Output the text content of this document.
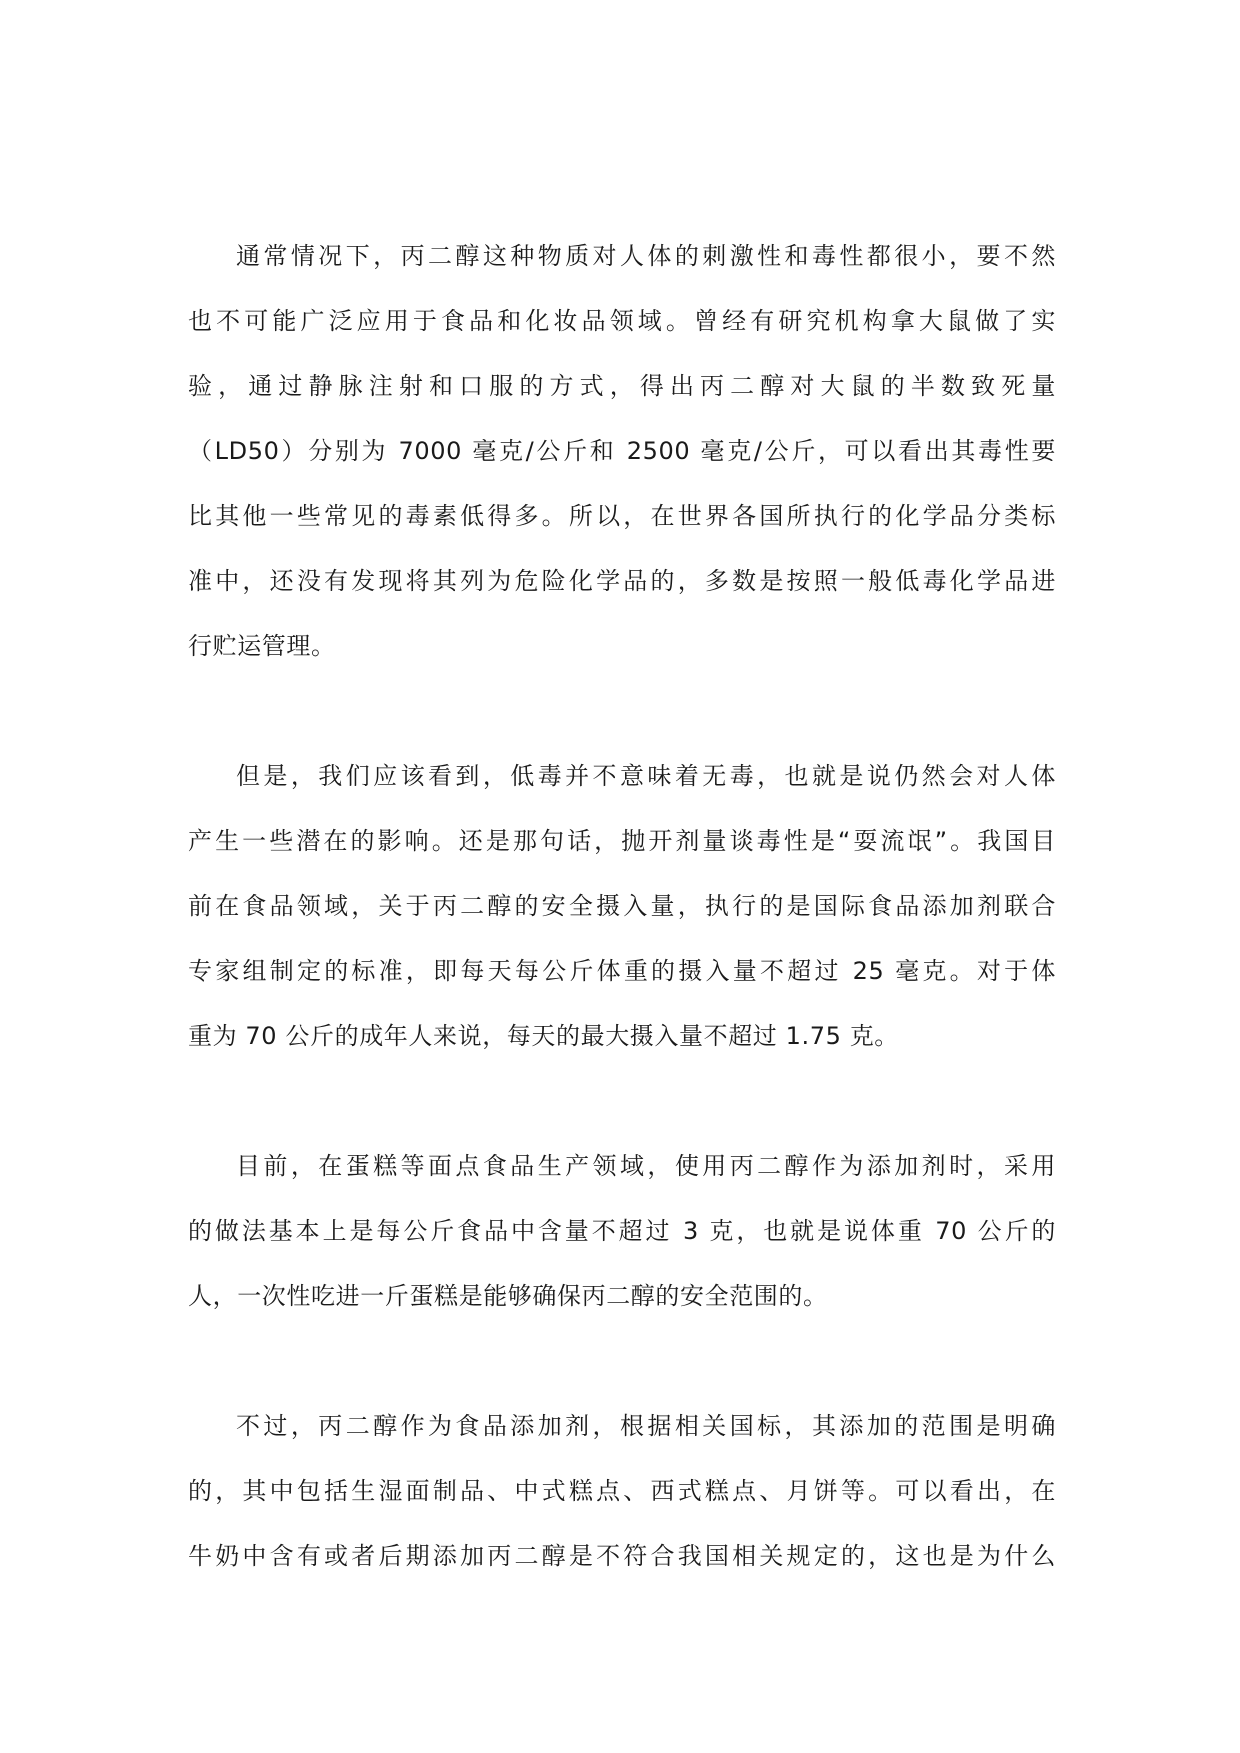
通常情况下，丙二醇这种物质对人体的刺激性和毒性都很小，要不然
也不可能广泛应用于食品和化妆品领域。曾经有研究机构拿大鼠做了实
验，通过静脉注射和口服的方式，得出丙二醇对大鼠的半数致死量
（LD50）分别为 7000 毫克/公斤和 2500 毫克/公斤，可以看出其毒性要
比其他一些常见的毒素低得多。所以，在世界各国所执行的化学品分类标
准中，还没有发现将其列为危险化学品的，多数是按照一般低毒化学品进
行贮运管理。
但是，我们应该看到，低毒并不意味着无毒，也就是说仍然会对人体
产生一些潜在的影响。还是那句话，抛开剂量谈毒性是“耍流氓”。我国目
前在食品领域，关于丙二醇的安全摄入量，执行的是国际食品添加剂联合
专家组制定的标准，即每天每公斤体重的摄入量不超过 25 毫克。对于体
重为 70 公斤的成年人来说，每天的最大摄入量不超过 1.75 克。
目前，在蛋糕等面点食品生产领域，使用丙二醇作为添加剂时，采用
的做法基本上是每公斤食品中含量不超过 3 克，也就是说体重 70 公斤的
人，一次性吃进一斤蛋糕是能够确保丙二醇的安全范围的。
不过，丙二醇作为食品添加剂，根据相关国标，其添加的范围是明确
的，其中包括生湿面制品、中式糕点、西式糕点、月饼等。可以看出，在
牛奶中含有或者后期添加丙二醇是不符合我国相关规定的，这也是为什么
